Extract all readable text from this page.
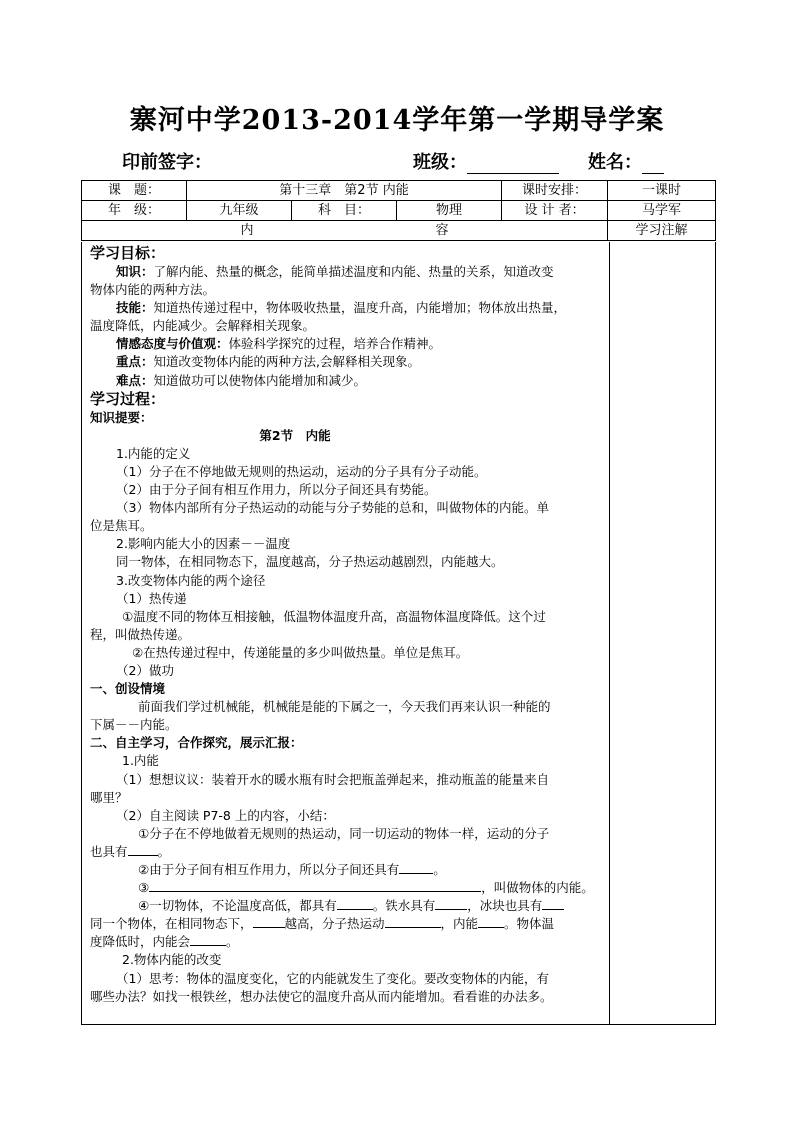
寨河中学2013-2014学年第一学期导学案
印前签字：	班级：	姓名：
课　题：	第十三章　第2节 内能			课时安排：	一课时
年　级：	九年级	科　目：	物理	设 计 者：	马学军
内　　　　　　　　　　　　　　容					学习注解
学习目标：
知识：了解内能、热量的概念，能简单描述温度和内能、热量的关系，知道改变
物体内能的两种方法。
技能：知道热传递过程中，物体吸收热量，温度升高，内能增加；物体放出热量，
温度降低，内能减少。会解释相关现象。
情感态度与价值观：体验科学探究的过程，培养合作精神。
重点：知道改变物体内能的两种方法,会解释相关现象。
难点：知道做功可以使物体内能增加和减少。
学习过程：
知识提要：
第2节　内能
1.内能的定义
（1）分子在不停地做无规则的热运动，运动的分子具有分子动能。
（2）由于分子间有相互作用力，所以分子间还具有势能。
（3）物体内部所有分子热运动的动能与分子势能的总和，叫做物体的内能。单
位是焦耳。
2.影响内能大小的因素－－温度
同一物体，在相同物态下，温度越高，分子热运动越剧烈，内能越大。
3.改变物体内能的两个途径
（1）热传递
①温度不同的物体互相接触，低温物体温度升高，高温物体温度降低。这个过
程，叫做热传递。
②在热传递过程中，传递能量的多少叫做热量。单位是焦耳。
（2）做功
一、创设情境
前面我们学过机械能，机械能是能的下属之一，今天我们再来认识一种能的
下属－－内能。
二、自主学习，合作探究，展示汇报：
1.内能
（1）想想议议：装着开水的暖水瓶有时会把瓶盖弹起来，推动瓶盖的能量来自
哪里？
（2）自主阅读 P7-8 上的内容，小结：
①分子在不停地做着无规则的热运动，同一切运动的物体一样，运动的分子
也具有 。
②由于分子间有相互作用力，所以分子间还具有	。
③	，叫做物体的内能。
④一切物体，不论温度高低，都具有	。铁水具有	，冰块也具有
同一个物体，在相同物态下，	越高，分子热运动	，内能 。物体温
度降低时，内能会	。
2.物体内能的改变
（1）思考：物体的温度变化，它的内能就发生了变化。要改变物体的内能，有
哪些办法？如找一根铁丝，想办法使它的温度升高从而内能增加。看看谁的办法多。
